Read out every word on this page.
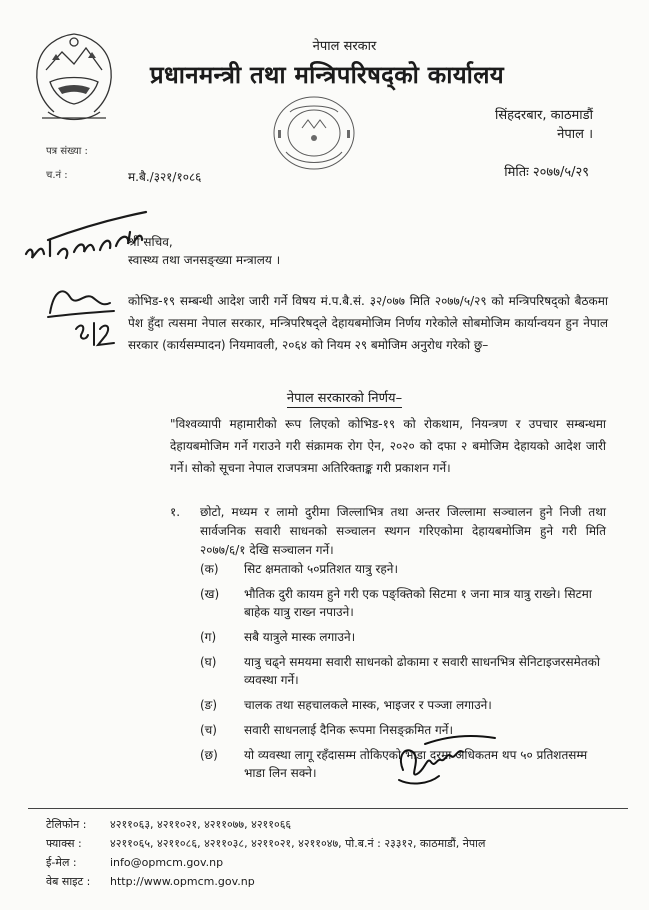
नेपाल सरकार
प्रधानमन्त्री तथा मन्त्रिपरिषद्को कार्यालय
सिंहदरबार, काठमाडौं
नेपाल ।
पत्र संख्या :
च.नं :	म.बै./३२१/१०८६	मितिः २०७७/५/२९
श्री सचिवालय
८१२
श्री सचिव,
स्वास्थ्य तथा जनसङ्ख्या मन्त्रालय ।
कोभिड-१९ सम्बन्धी आदेश जारी गर्ने विषय मं.प.बै.सं. ३२/०७७ मिति २०७७/५/२९ को मन्त्रिपरिषद्को बैठकमा पेश हुँदा त्यसमा नेपाल सरकार, मन्त्रिपरिषद्ले देहायबमोजिम निर्णय गरेकोले सोबमोजिम कार्यान्वयन हुन नेपाल सरकार (कार्यसम्पादन) नियमावली, २०६४ को नियम २९ बमोजिम अनुरोध गरेको छु–
नेपाल सरकारको निर्णय–
"विश्वव्यापी महामारीको रूप लिएको कोभिड-१९ को रोकथाम, नियन्त्रण र उपचार सम्बन्धमा देहायबमोजिम गर्ने गराउने गरी संक्रामक रोग ऐन, २०२० को दफा २ बमोजिम देहायको आदेश जारी गर्ने। सोको सूचना नेपाल राजपत्रमा अतिरिक्ताङ्क गरी प्रकाशन गर्ने।
१. छोटो, मध्यम र लामो दुरीमा जिल्लाभित्र तथा अन्तर जिल्लामा सञ्चालन हुने निजी तथा सार्वजनिक सवारी साधनको सञ्चालन स्थगन गरिएकोमा देहायबमोजिम हुने गरी मिति २०७७/६/१ देखि सञ्चालन गर्ने।
(क)	सिट क्षमताको ५०प्रतिशत यात्रु रहने।
(ख)	भौतिक दुरी कायम हुने गरी एक पङ्क्तिको सिटमा १ जना मात्र यात्रु राख्ने। सिटमा बाहेक यात्रु राख्न नपाउने।
(ग)	सबै यात्रुले मास्क लगाउने।
(घ)	यात्रु चढ्ने समयमा सवारी साधनको ढोकामा र सवारी साधनभित्र सेनिटाइजरसमेतको व्यवस्था गर्ने।
(ङ)	चालक तथा सहचालकले मास्क, भाइजर र पञ्जा लगाउने।
(च)	सवारी साधनलाई दैनिक रूपमा निसङ्क्रमित गर्ने।
(छ)	यो व्यवस्था लागू रहँदासम्म तोकिएको भाडा दरमा अधिकतम थप ५० प्रतिशतसम्म भाडा लिन सक्ने।
टेलिफोन :	४२११०६३, ४२११०२१, ४२११०७७, ४२११०६६
फ्याक्स :	४२११०६५, ४२११०८६, ४२११०३८, ४२११०२१, ४२११०४७, पो.ब.नं : २३३१२, काठमाडौं, नेपाल
ई-मेल :	info@opmcm.gov.np
वेब साइट :	http://www.opmcm.gov.np
